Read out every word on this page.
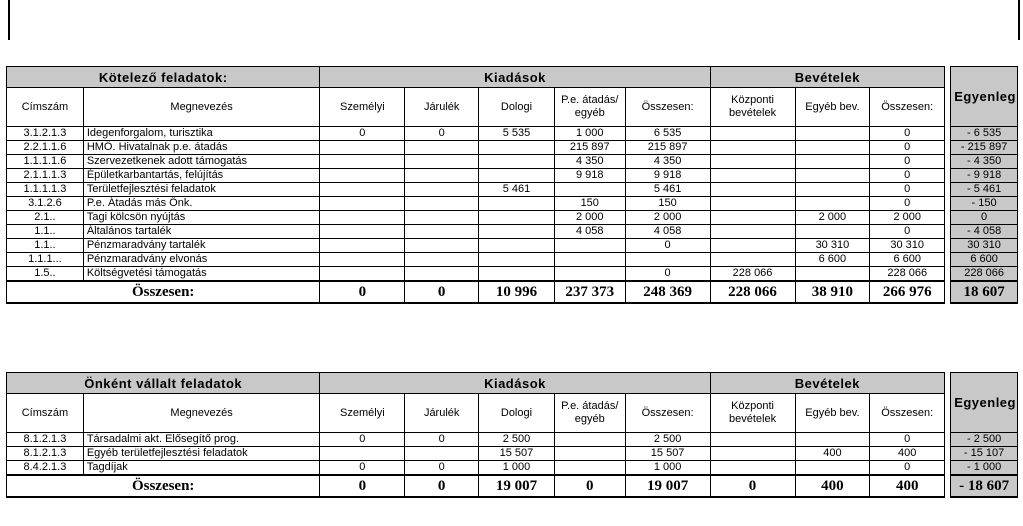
Kötelező feladatok:		Kiadások					Bevételek				Egyenleg
Címszám	Megnevezés	Személyi	Járulék	Dologi	P.e. átadás/ egyéb	Összesen:	Központi bevételek	Egyéb bev.	Összesen:		
3.1.2.1.3	Idegenforgalom, turisztika	0	0	5 535	1 000	6 535			0		- 6 535
2.2.1.1.6	HMÖ. Hivatalnak p.e. átadás				215 897	215 897			0		- 215 897
1.1.1.1.6	Szervezetkenek adott támogatás				4 350	4 350			0		- 4 350
2.1.1.1.3	Épületkarbantartás, felújítás				9 918	9 918			0		- 9 918
1.1.1.1.3	Területfejlesztési feladatok			5 461		5 461			0		- 5 461
3.1.2.6	P.e. Átadás más Önk.				150	150			0		- 150
2.1..	Tagi kölcsön nyújtás				2 000	2 000		2 000	2 000		0
1.1..	Általános tartalék				4 058	4 058			0		- 4 058
1.1..	Pénzmaradvány tartalék					0		30 310	30 310		30 310
1.1.1...	Pénzmaradvány elvonás							6 600	6 600		6 600
1.5..	Költségvetési támogatás					0	228 066		228 066		228 066
Összesen:		0	0	10 996	237 373	248 369	228 066	38 910	266 976		18 607
Önként vállalt feladatok		Kiadások					Bevételek				Egyenleg
Címszám	Megnevezés	Személyi	Járulék	Dologi	P.e. átadás/ egyéb	Összesen:	Központi bevételek	Egyéb bev.	Összesen:		
8.1.2.1.3	Társadalmi akt. Elősegítő prog.	0	0	2 500		2 500			0		- 2 500
8.1.2.1.3	Egyéb területfejlesztési feladatok			15 507		15 507		400	400		- 15 107
8.4.2.1.3	Tagdíjak	0	0	1 000		1 000			0		- 1 000
Összesen:		0	0	19 007	0	19 007	0	400	400		- 18 607
